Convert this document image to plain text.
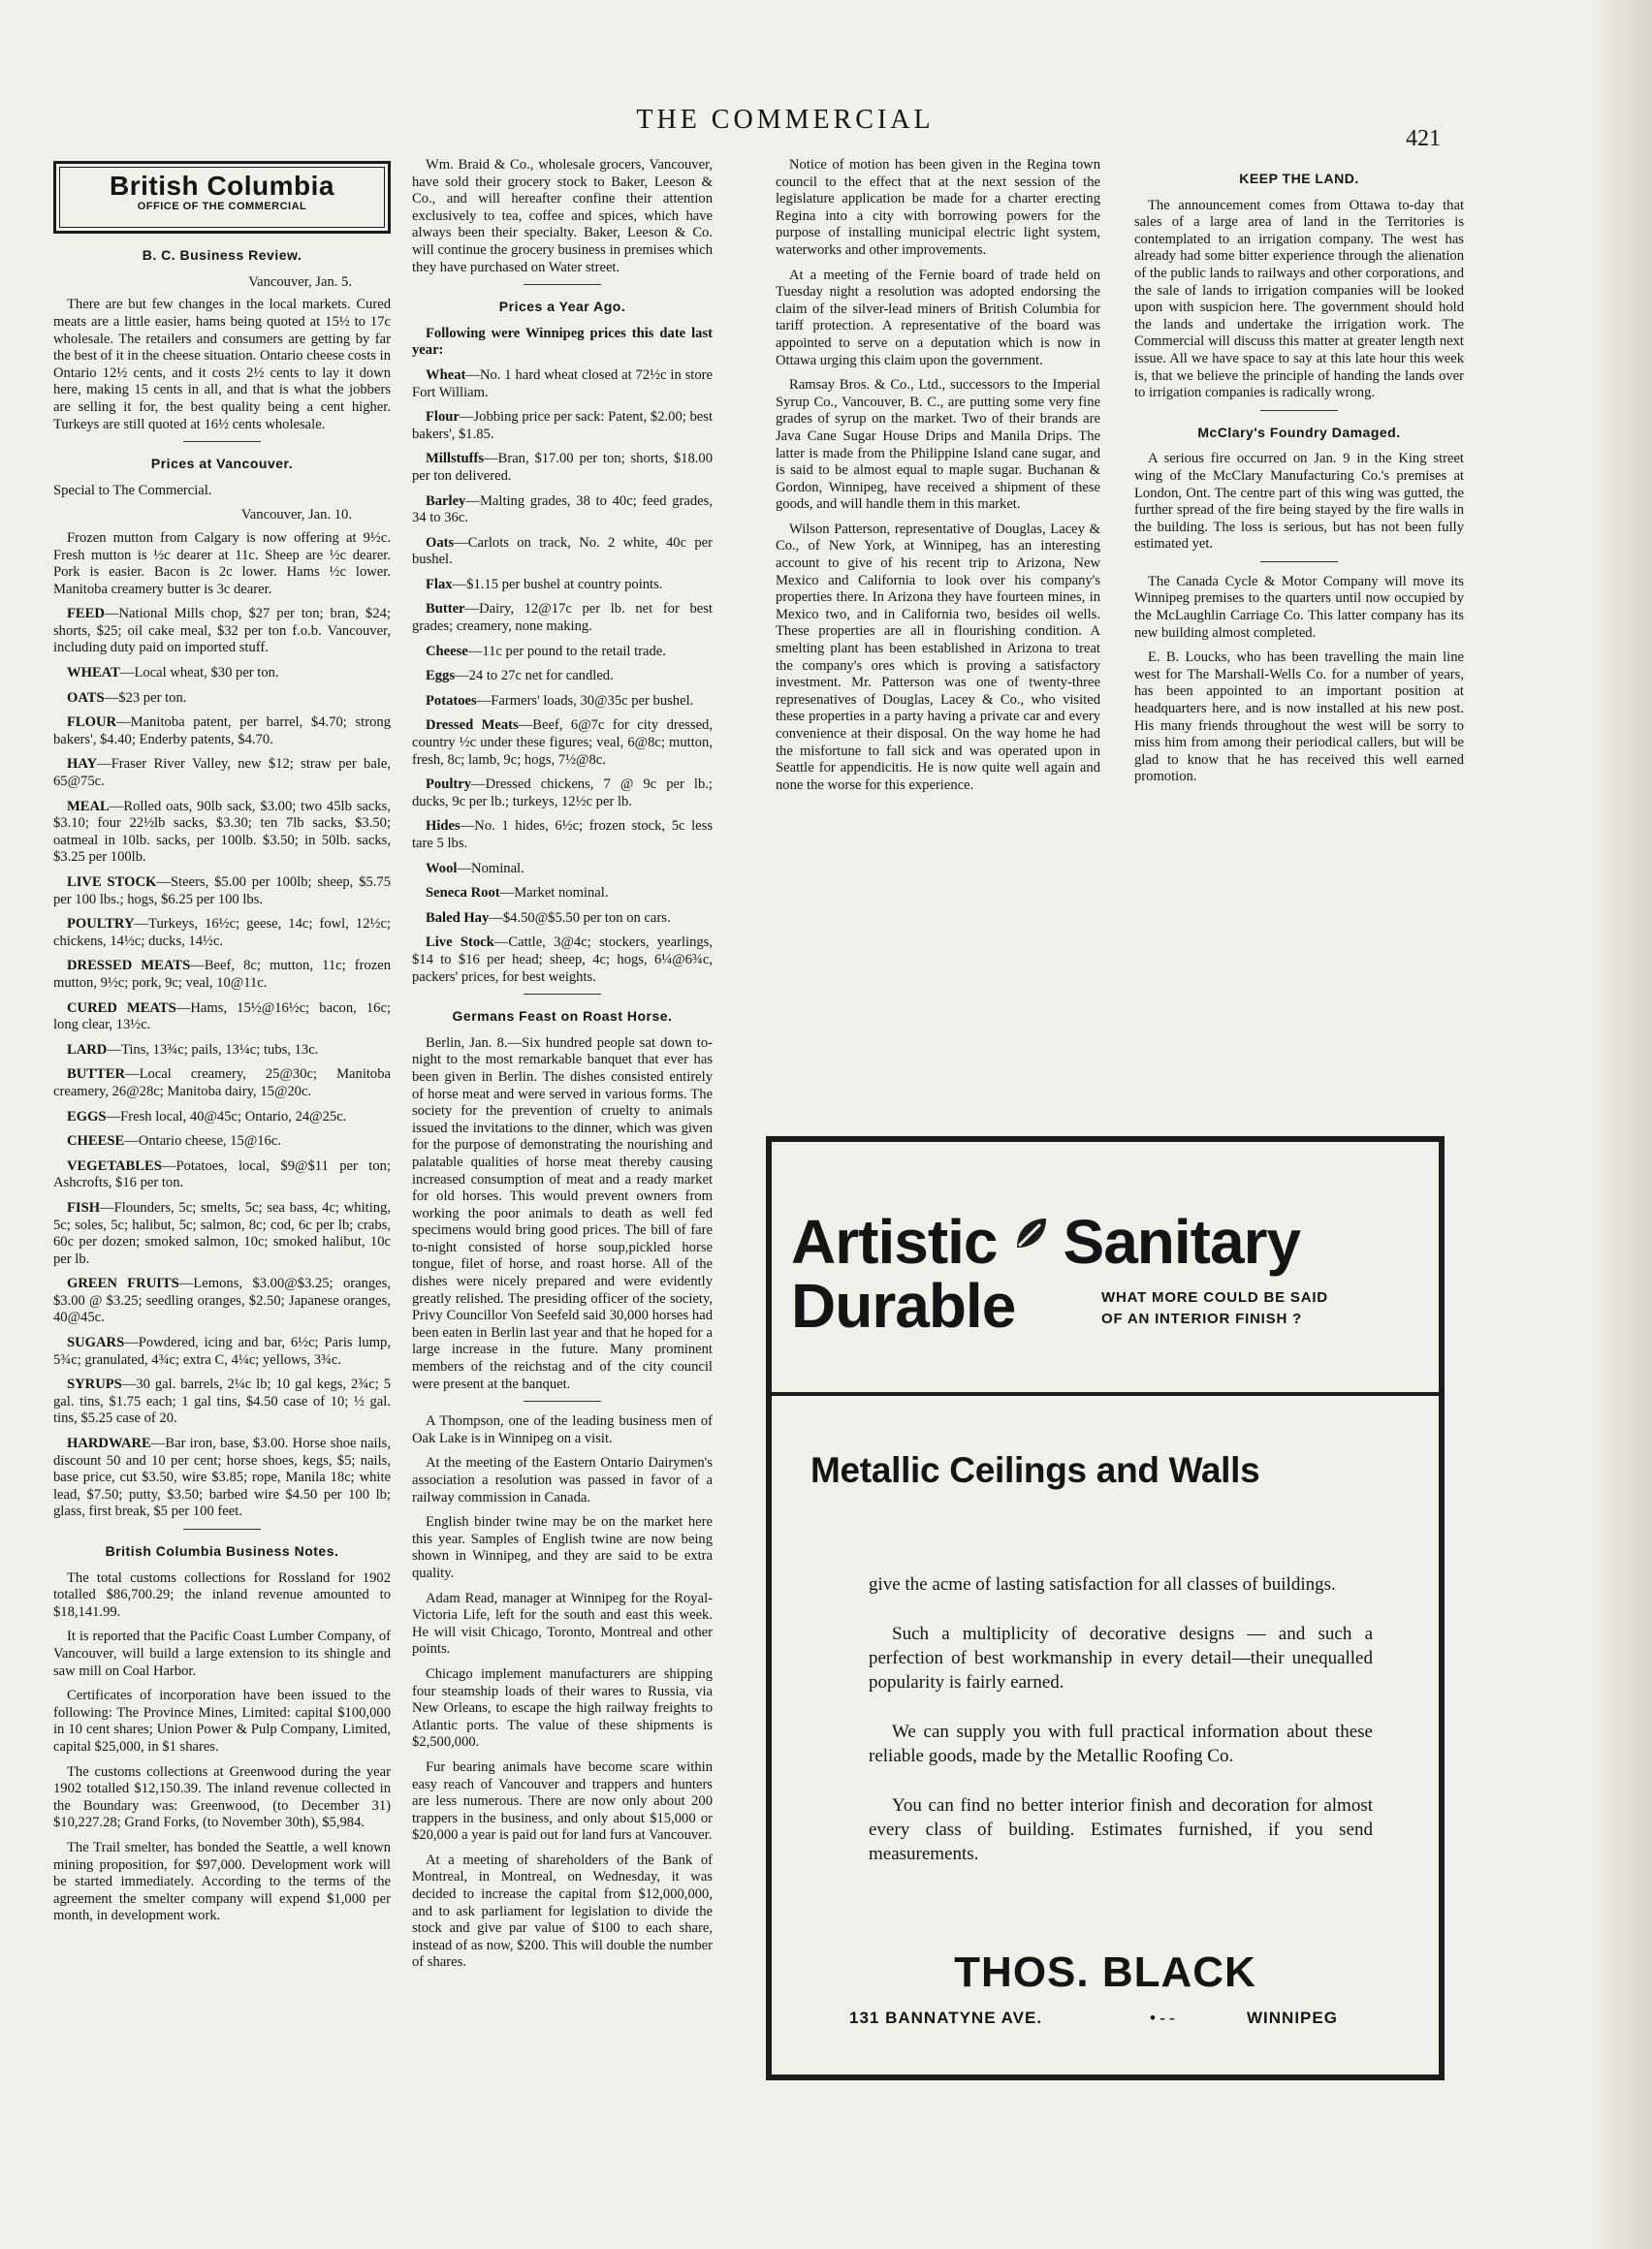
THE COMMERCIAL
421
British Columbia
OFFICE OF THE COMMERCIAL
B. C. Business Review.
Vancouver, Jan. 5.

There are but few changes in the local markets. Cured meats are a little easier, hams being quoted at 15½ to 17c wholesale. The retailers and consumers are getting by far the best of it in the cheese situation. Ontario cheese costs in Ontario 12½ cents, and it costs 2½ cents to lay it down here, making 15 cents in all, and that is what the jobbers are selling it for, the best quality being a cent higher. Turkeys are still quoted at 16½ cents wholesale.

Prices at Vancouver.

Special to The Commercial.

Vancouver, Jan. 10.

Frozen mutton from Calgary is now offering at 9½c. Fresh mutton is ½c dearer at 11c. Sheep are ½c dearer. Pork is easier. Bacon is 2c lower. Hams ½c lower. Manitoba creamery butter is 3c dearer.

FEED—National Mills chop, $27 per ton; bran, $24; shorts, $25; oil cake meal, $32 per ton f.o.b. Vancouver, including duty paid on imported stuff.

WHEAT—Local wheat, $30 per ton.

OATS—$23 per ton.

FLOUR—Manitoba patent, per barrel, $4.70; strong bakers', $4.40; Enderby patents, $4.70.

HAY—Fraser River Valley, new $12; straw per bale, 65@75c.

MEAL—Rolled oats, 90lb sack, $3.00; two 45lb sacks, $3.10; four 22½lb sacks, $3.30; ten 7lb sacks, $3.50; oatmeal in 10lb. sacks, per 100lb. $3.50; in 50lb. sacks, $3.25 per 100lb.

LIVE STOCK—Steers, $5.00 per 100lb; sheep, $5.75 per 100 lbs.; hogs, $6.25 per 100 lbs.

POULTRY—Turkeys, 16½c; geese, 14c; fowl, 12½c; chickens, 14½c; ducks, 14½c.

DRESSED MEATS—Beef, 8c; mutton, 11c; frozen mutton, 9½c; pork, 9c; veal, 10@11c.

CURED MEATS—Hams, 15½@16½c; bacon, 16c; long clear, 13½c.

LARD—Tins, 13¾c; pails, 13¼c; tubs, 13c.

BUTTER—Local creamery, 25@30c; Manitoba creamery, 26@28c; Manitoba dairy, 15@20c.

EGGS—Fresh local, 40@45c; Ontario, 24@25c.

CHEESE—Ontario cheese, 15@16c.

VEGETABLES—Potatoes, local, $9@$11 per ton; Ashcrofts, $16 per ton.

FISH—Flounders, 5c; smelts, 5c; sea bass, 4c; whiting, 5c; soles, 5c; halibut, 5c; salmon, 8c; cod, 6c per lb; crabs, 60c per dozen; smoked salmon, 10c; smoked halibut, 10c per lb.

GREEN FRUITS—Lemons, $3.00@$3.25; oranges, $3.00 @ $3.25; seedling oranges, $2.50; Japanese oranges, 40@45c.

SUGARS—Powdered, icing and bar, 6½c; Paris lump, 5¾c; granulated, 4¾c; extra C, 4¼c; yellows, 3¾c.

SYRUPS—30 gal. barrels, 2¼c lb; 10 gal kegs, 2¾c; 5 gal. tins, $1.75 each; 1 gal tins, $4.50 case of 10; ½ gal. tins, $5.25 case of 20.

HARDWARE—Bar iron, base, $3.00. Horse shoe nails, discount 50 and 10 per cent; horse shoes, kegs, $5; nails, base price, cut $3.50, wire $3.85; rope, Manila 18c; white lead, $7.50; putty, $3.50; barbed wire $4.50 per 100 lb; glass, first break, $5 per 100 feet.

British Columbia Business Notes.

The total customs collections for Rossland for 1902 totalled $86,700.29; the inland revenue amounted to $18,141.99.

It is reported that the Pacific Coast Lumber Company, of Vancouver, will build a large extension to its shingle and saw mill on Coal Harbor.

Certificates of incorporation have been issued to the following: The Province Mines, Limited: capital $100,000 in 10 cent shares; Union Power & Pulp Company, Limited, capital $25,000, in $1 shares.

The customs collections at Greenwood during the year 1902 totalled $12,150.39. The inland revenue collected in the Boundary was: Greenwood, (to December 31) $10,227.28; Grand Forks, (to November 30th), $5,984.

The Trail smelter, has bonded the Seattle, a well known mining proposition, for $97,000. Development work will be started immediately. According to the terms of the agreement the smelter company will expend $1,000 per month, in development work.

Wm. Braid & Co., wholesale grocers, Vancouver, have sold their grocery stock to Baker, Leeson & Co., and will hereafter confine their attention exclusively to tea, coffee and spices, which have always been their specialty. Baker, Leeson & Co. will continue the grocery business in premises which they have purchased on Water street.

Prices a Year Ago.

Following were Winnipeg prices this date last year:

Wheat—No. 1 hard wheat closed at 72½c in store Fort William.

Flour—Jobbing price per sack: Patent, $2.00; best bakers', $1.85.

Millstuffs—Bran, $17.00 per ton; shorts, $18.00 per ton delivered.

Barley—Malting grades, 38 to 40c; feed grades, 34 to 36c.

Oats—Carlots on track, No. 2 white, 40c per bushel.

Flax—$1.15 per bushel at country points.

Butter—Dairy, 12@17c per lb. net for best grades; creamery, none making.

Cheese—11c per pound to the retail trade.

Eggs—24 to 27c net for candled.

Potatoes—Farmers' loads, 30@35c per bushel.

Dressed Meats—Beef, 6@7c for city dressed, country ½c under these figures; veal, 6@8c; mutton, fresh, 8c; lamb, 9c; hogs, 7½@8c.

Poultry—Dressed chickens, 7 @ 9c per lb.; ducks, 9c per lb.; turkeys, 12½c per lb.

Hides—No. 1 hides, 6½c; frozen stock, 5c less tare 5 lbs.

Wool—Nominal.

Seneca Root—Market nominal.

Baled Hay—$4.50@$5.50 per ton on cars.

Live Stock—Cattle, 3@4c; stockers, yearlings, $14 to $16 per head; sheep, 4c; hogs, 6¼@6¾c, packers' prices, for best weights.

Germans Feast on Roast Horse.

Berlin, Jan. 8.—Six hundred people sat down to-night to the most remarkable banquet that ever has been given in Berlin. The dishes consisted entirely of horse meat and were served in various forms. The society for the prevention of cruelty to animals issued the invitations to the dinner, which was given for the purpose of demonstrating the nourishing and palatable qualities of horse meat thereby causing increased consumption of meat and a ready market for old horses. This would prevent owners from working the poor animals to death as well fed specimens would bring good prices. The bill of fare to-night consisted of horse soup,pickled horse tongue, filet of horse, and roast horse. All of the dishes were nicely prepared and were evidently greatly relished. The presiding officer of the society, Privy Councillor Von Seefeld said 30,000 horses had been eaten in Berlin last year and that he hoped for a large increase in the future. Many prominent members of the reichstag and of the city council were present at the banquet.

A Thompson, one of the leading business men of Oak Lake is in Winnipeg on a visit.

At the meeting of the Eastern Ontario Dairymen's association a resolution was passed in favor of a railway commission in Canada.

English binder twine may be on the market here this year. Samples of English twine are now being shown in Winnipeg, and they are said to be extra quality.

Adam Read, manager at Winnipeg for the Royal-Victoria Life, left for the south and east this week. He will visit Chicago, Toronto, Montreal and other points.

Chicago implement manufacturers are shipping four steamship loads of their wares to Russia, via New Orleans, to escape the high railway freights to Atlantic ports. The value of these shipments is $2,500,000.

Fur bearing animals have become scare within easy reach of Vancouver and trappers and hunters are less numerous. There are now only about 200 trappers in the business, and only about $15,000 or $20,000 a year is paid out for land furs at Vancouver.

At a meeting of shareholders of the Bank of Montreal, in Montreal, on Wednesday, it was decided to increase the capital from $12,000,000, and to ask parliament for legislation to divide the stock and give par value of $100 to each share, instead of as now, $200. This will double the number of shares.

Notice of motion has been given in the Regina town council to the effect that at the next session of the legislature application be made for a charter erecting Regina into a city with borrowing powers for the purpose of installing municipal electric light system, waterworks and other improvements.

At a meeting of the Fernie board of trade held on Tuesday night a resolution was adopted endorsing the claim of the silver-lead miners of British Columbia for tariff protection. A representative of the board was appointed to serve on a deputation which is now in Ottawa urging this claim upon the government.

Ramsay Bros. & Co., Ltd., successors to the Imperial Syrup Co., Vancouver, B. C., are putting some very fine grades of syrup on the market. Two of their brands are Java Cane Sugar House Drips and Manila Drips. The latter is made from the Philippine Island cane sugar, and is said to be almost equal to maple sugar. Buchanan & Gordon, Winnipeg, have received a shipment of these goods, and will handle them in this market.

Wilson Patterson, representative of Douglas, Lacey & Co., of New York, at Winnipeg, has an interesting account to give of his recent trip to Arizona, New Mexico and California to look over his company's properties there. In Arizona they have fourteen mines, in Mexico two, and in California two, besides oil wells. These properties are all in flourishing condition. A smelting plant has been established in Arizona to treat the company's ores which is proving a satisfactory investment. Mr. Patterson was one of twenty-three represenatives of Douglas, Lacey & Co., who visited these properties in a party having a private car and every convenience at their disposal. On the way home he had the misfortune to fall sick and was operated upon in Seattle for appendicitis. He is now quite well again and none the worse for this experience.

KEEP THE LAND.

The announcement comes from Ottawa to-day that sales of a large area of land in the Territories is contemplated to an irrigation company. The west has already had some bitter experience through the alienation of the public lands to railways and other corporations, and the sale of lands to irrigation companies will be looked upon with suspicion here. The government should hold the lands and undertake the irrigation work. The Commercial will discuss this matter at greater length next issue. All we have space to say at this late hour this week is, that we believe the principle of handing the lands over to irrigation companies is radically wrong.

McClary's Foundry Damaged.

A serious fire occurred on Jan. 9 in the King street wing of the McClary Manufacturing Co.'s premises at London, Ont. The centre part of this wing was gutted, the further spread of the fire being stayed by the fire walls in the building. The loss is serious, but has not been fully estimated yet.

The Canada Cycle & Motor Company will move its Winnipeg premises to the quarters until now occupied by the McLaughlin Carriage Co. This latter company has its new building almost completed.

E. B. Loucks, who has been travelling the main line west for The Marshall-Wells Co. for a number of years, has been appointed to an important position at headquarters here, and is now installed at his new post. His many friends throughout the west will be sorry to miss him from among their periodical callers, but will be glad to know that he has received this well earned promotion.

Artistic Sanitary
Durable	WHAT MORE COULD BE SAID
OF AN INTERIOR FINISH ?
Metallic Ceilings and Walls

give the acme of lasting satisfaction for all classes of buildings.

Such a multiplicity of decorative designs — and such a perfection of best workmanship in every detail—their unequalled popularity is fairly earned.

We can supply you with full practical information about these reliable goods, made by the Metallic Roofing Co.

You can find no better interior finish and decoration for almost every class of building. Estimates furnished, if you send measurements.

THOS. BLACK
131 BANNATYNE AVE.	• - -	WINNIPEG
